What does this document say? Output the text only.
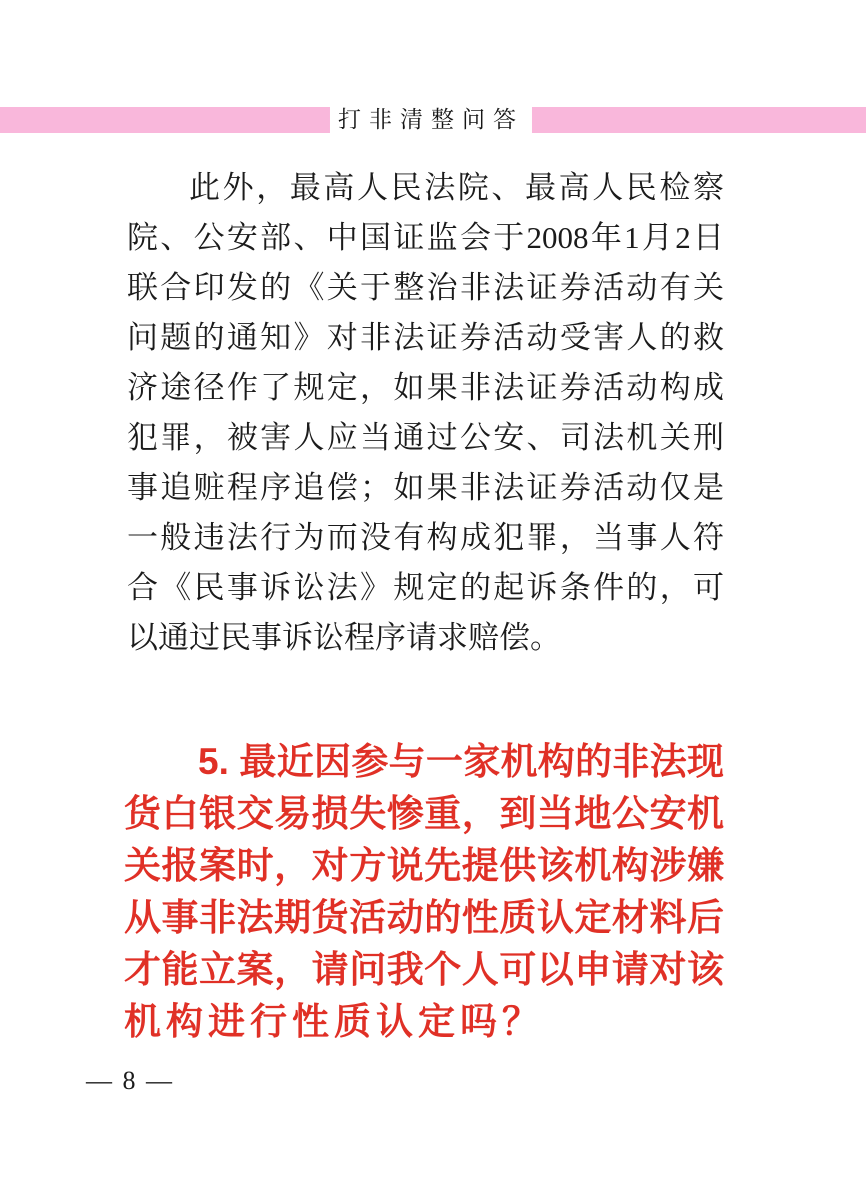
打非清整问答
此外，最高人民法院、最高人民检察
院、公安部、中国证监会于2008年1月2日
联合印发的《关于整治非法证券活动有关
问题的通知》对非法证券活动受害人的救
济途径作了规定，如果非法证券活动构成
犯罪，被害人应当通过公安、司法机关刑
事追赃程序追偿；如果非法证券活动仅是
一般违法行为而没有构成犯罪，当事人符
合《民事诉讼法》规定的起诉条件的，可
以通过民事诉讼程序请求赔偿。
5. 最近因参与一家机构的非法现
货白银交易损失惨重，到当地公安机
关报案时，对方说先提供该机构涉嫌
从事非法期货活动的性质认定材料后
才能立案，请问我个人可以申请对该
机构进行性质认定吗？
— 8 —
